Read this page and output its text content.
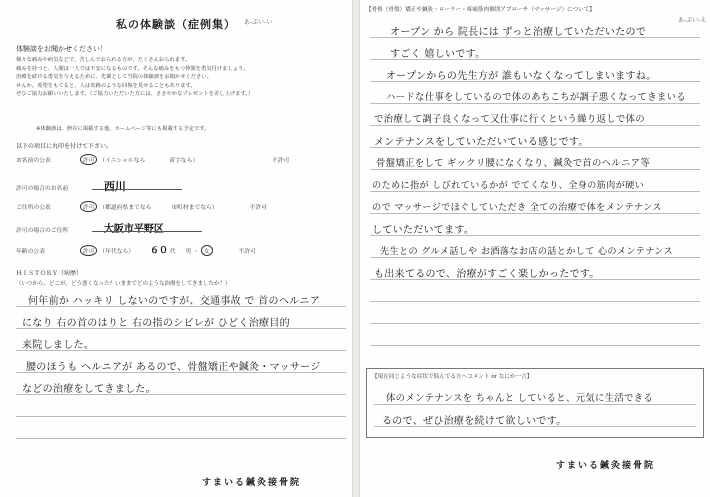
私の体験談（症例集）	あ-ぷい-い
体験談をお聞かせください！
様々な痛みや病気などで、苦しんでおられる方が、たくさんおられます。
痛みを持つと、人間は一人では不安になるものです。そんな痛みをもつ仲間を勇気付けましょう。
治療を続ける勇気を与えるために、先輩として当院の体験談をお聞かせください。
せんか。希望をもてると、人は奇跡のような回復を見せることもあります。
ぜひご協力お願いいたします。（ご協力いただいた方には、ささやかなプレゼントを差し上げます。）
※体験談は、修在に掲載する他、ホームページ等にも掲載する予定です。
以下の項目に丸印を付けて下さい。
お名前の公表	許可 （イニシャルなら	苗字なら）	不許可
許可の場合のお名前	西川
ご住所の公表	許可 （都道府県までなら	市町村までなら）	不許可
許可の場合のご住所	大阪市平野区
年齢の公表	許可 （年代なら） ６０ 代 男 ・ 女	不許可
ＨＩＳＴＯＲＹ（病歴）
（いつから、どこが、どう悪くなった？いままでどのような治療をしてきましたか？）
何年前か ハッキリ しないのですが、交通事故 で 首のヘルニア
になり 右の首のはりと 右の指のシビレが ひどく治療目的
来院しました。
腰のほうも ヘルニアが あるので、骨盤矯正や鍼灸・マッサージ
などの治療をしてきました。
すまいる鍼灸接骨院
【骨格（骨盤）矯正や鍼灸・ローラー・疼痛筋肉個別アプローチ（マッサージ）について】
あ-ぷい-え
オープン から 院長には ずっと治療していただいたので
すごく 嬉しいです。
オープンからの先生方が 誰もいなくなってしまいますね。
ハードな仕事をしているので体のあちこちが調子悪くなってきまいる
で治療して調子良くなって又仕事に行くという繰り返しで体の
メンテナンスをしていただいている感じです。
骨盤矯正をして ギックリ腰になくなり、鍼灸で首のヘルニア等
のために指が しびれているかが でてくなり、全身の筋肉が硬い
ので マッサージでほぐしていただき 全ての治療で体をメンテナンス
していただいてます。
先生との グルメ話しや お酒落なお店の話とかして 心のメンテナンス
も出来てるので、治療がすごく楽しかったです。
【現在同じような症状で悩んでる方へコメント or なにか一言】
体のメンテナンスを ちゃんと していると、元気に生活できる
るので、ぜひ治療を続けて欲しいです。
すまいる鍼灸接骨院
